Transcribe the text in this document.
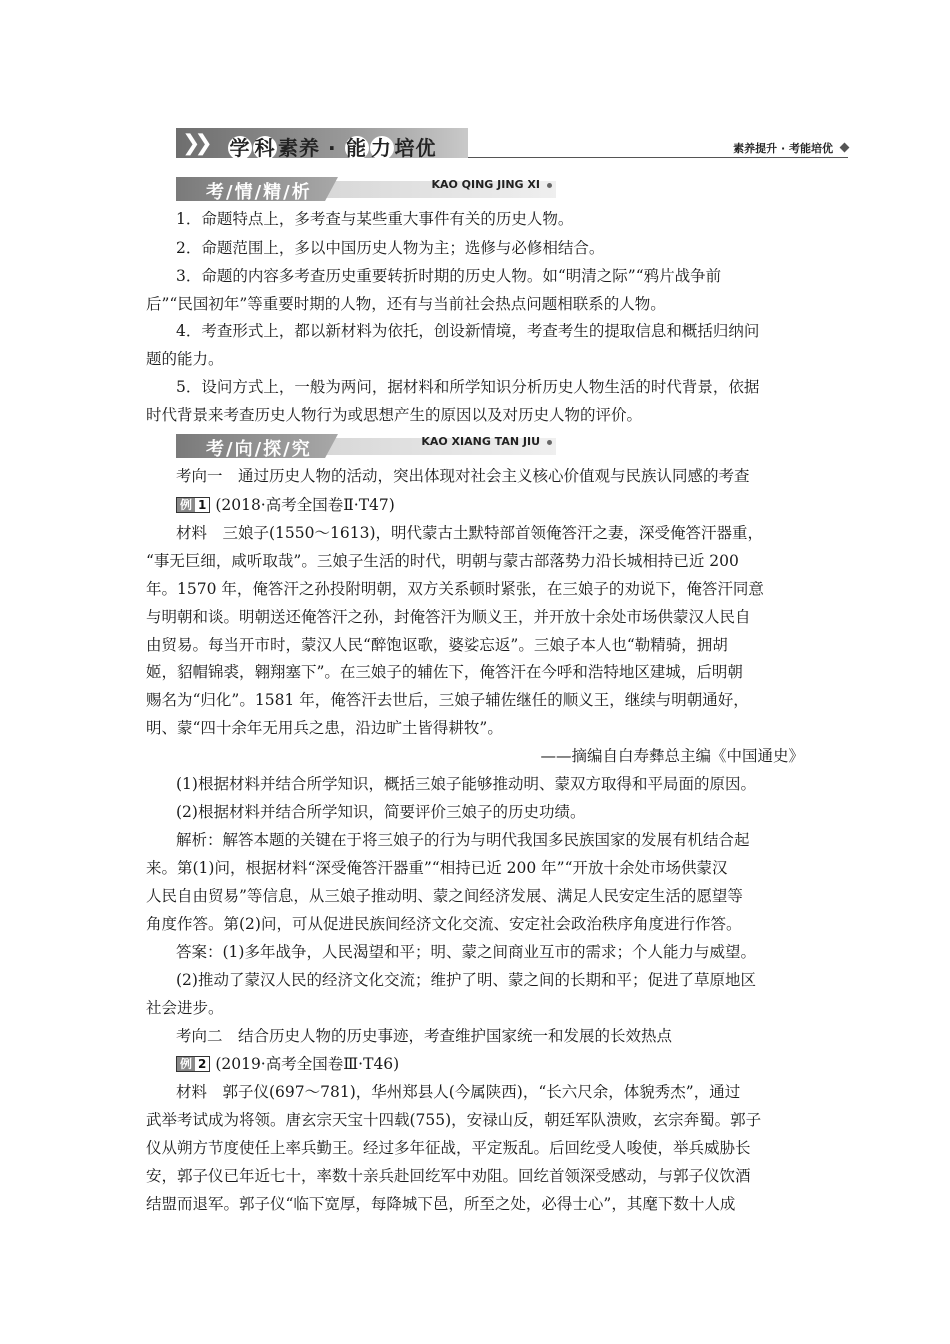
❯❯ 学 科 素养 · 能 力 培优	素养提升 · 考能培优
考/情/精/析	KAO QING JING XI
1．命题特点上，多考查与某些重大事件有关的历史人物。
2．命题范围上，多以中国历史人物为主；选修与必修相结合。
3．命题的内容多考查历史重要转折时期的历史人物。如“明清之际”“鸦片战争前
后”“民国初年”等重要时期的人物，还有与当前社会热点问题相联系的人物。
4．考查形式上，都以新材料为依托，创设新情境，考查考生的提取信息和概括归纳问
题的能力。
5．设问方式上，一般为两问，据材料和所学知识分析历史人物生活的时代背景，依据
时代背景来考查历史人物行为或思想产生的原因以及对历史人物的评价。
考/向/探/究	KAO XIANG TAN JIU
考向一　通过历史人物的活动，突出体现对社会主义核心价值观与民族认同感的考查
例 1 (2018·高考全国卷Ⅱ·T47)
材料　三娘子(1550～1613)，明代蒙古土默特部首领俺答汗之妻，深受俺答汗器重，
“事无巨细，咸听取哉”。三娘子生活的时代，明朝与蒙古部落势力沿长城相持已近 200
年。1570 年，俺答汗之孙投附明朝，双方关系顿时紧张，在三娘子的劝说下，俺答汗同意
与明朝和谈。明朝送还俺答汗之孙，封俺答汗为顺义王，并开放十余处市场供蒙汉人民自
由贸易。每当开市时，蒙汉人民“醉饱讴歌，婆娑忘返”。三娘子本人也“勒精骑，拥胡
姬，貂帽锦裘，翱翔塞下”。在三娘子的辅佐下，俺答汗在今呼和浩特地区建城，后明朝
赐名为“归化”。1581 年，俺答汗去世后，三娘子辅佐继任的顺义王，继续与明朝通好，
明、蒙“四十余年无用兵之患，沿边旷土皆得耕牧”。
——摘编自白寿彝总主编《中国通史》
(1)根据材料并结合所学知识，概括三娘子能够推动明、蒙双方取得和平局面的原因。
(2)根据材料并结合所学知识，简要评价三娘子的历史功绩。
解析：解答本题的关键在于将三娘子的行为与明代我国多民族国家的发展有机结合起
来。第(1)问，根据材料“深受俺答汗器重”“相持已近 200 年”“开放十余处市场供蒙汉
人民自由贸易”等信息，从三娘子推动明、蒙之间经济发展、满足人民安定生活的愿望等
角度作答。第(2)问，可从促进民族间经济文化交流、安定社会政治秩序角度进行作答。
答案：(1)多年战争，人民渴望和平；明、蒙之间商业互市的需求；个人能力与威望。
(2)推动了蒙汉人民的经济文化交流；维护了明、蒙之间的长期和平；促进了草原地区
社会进步。
考向二　结合历史人物的历史事迹，考查维护国家统一和发展的长效热点
例 2 (2019·高考全国卷Ⅲ·T46)
材料　郭子仪(697～781)，华州郑县人(今属陕西)，“长六尺余，体貌秀杰”，通过
武举考试成为将领。唐玄宗天宝十四载(755)，安禄山反，朝廷军队溃败，玄宗奔蜀。郭子
仪从朔方节度使任上率兵勤王。经过多年征战，平定叛乱。后回纥受人唆使，举兵威胁长
安，郭子仪已年近七十，率数十亲兵赴回纥军中劝阻。回纥首领深受感动，与郭子仪饮酒
结盟而退军。郭子仪“临下宽厚，每降城下邑，所至之处，必得士心”，其麾下数十人成
